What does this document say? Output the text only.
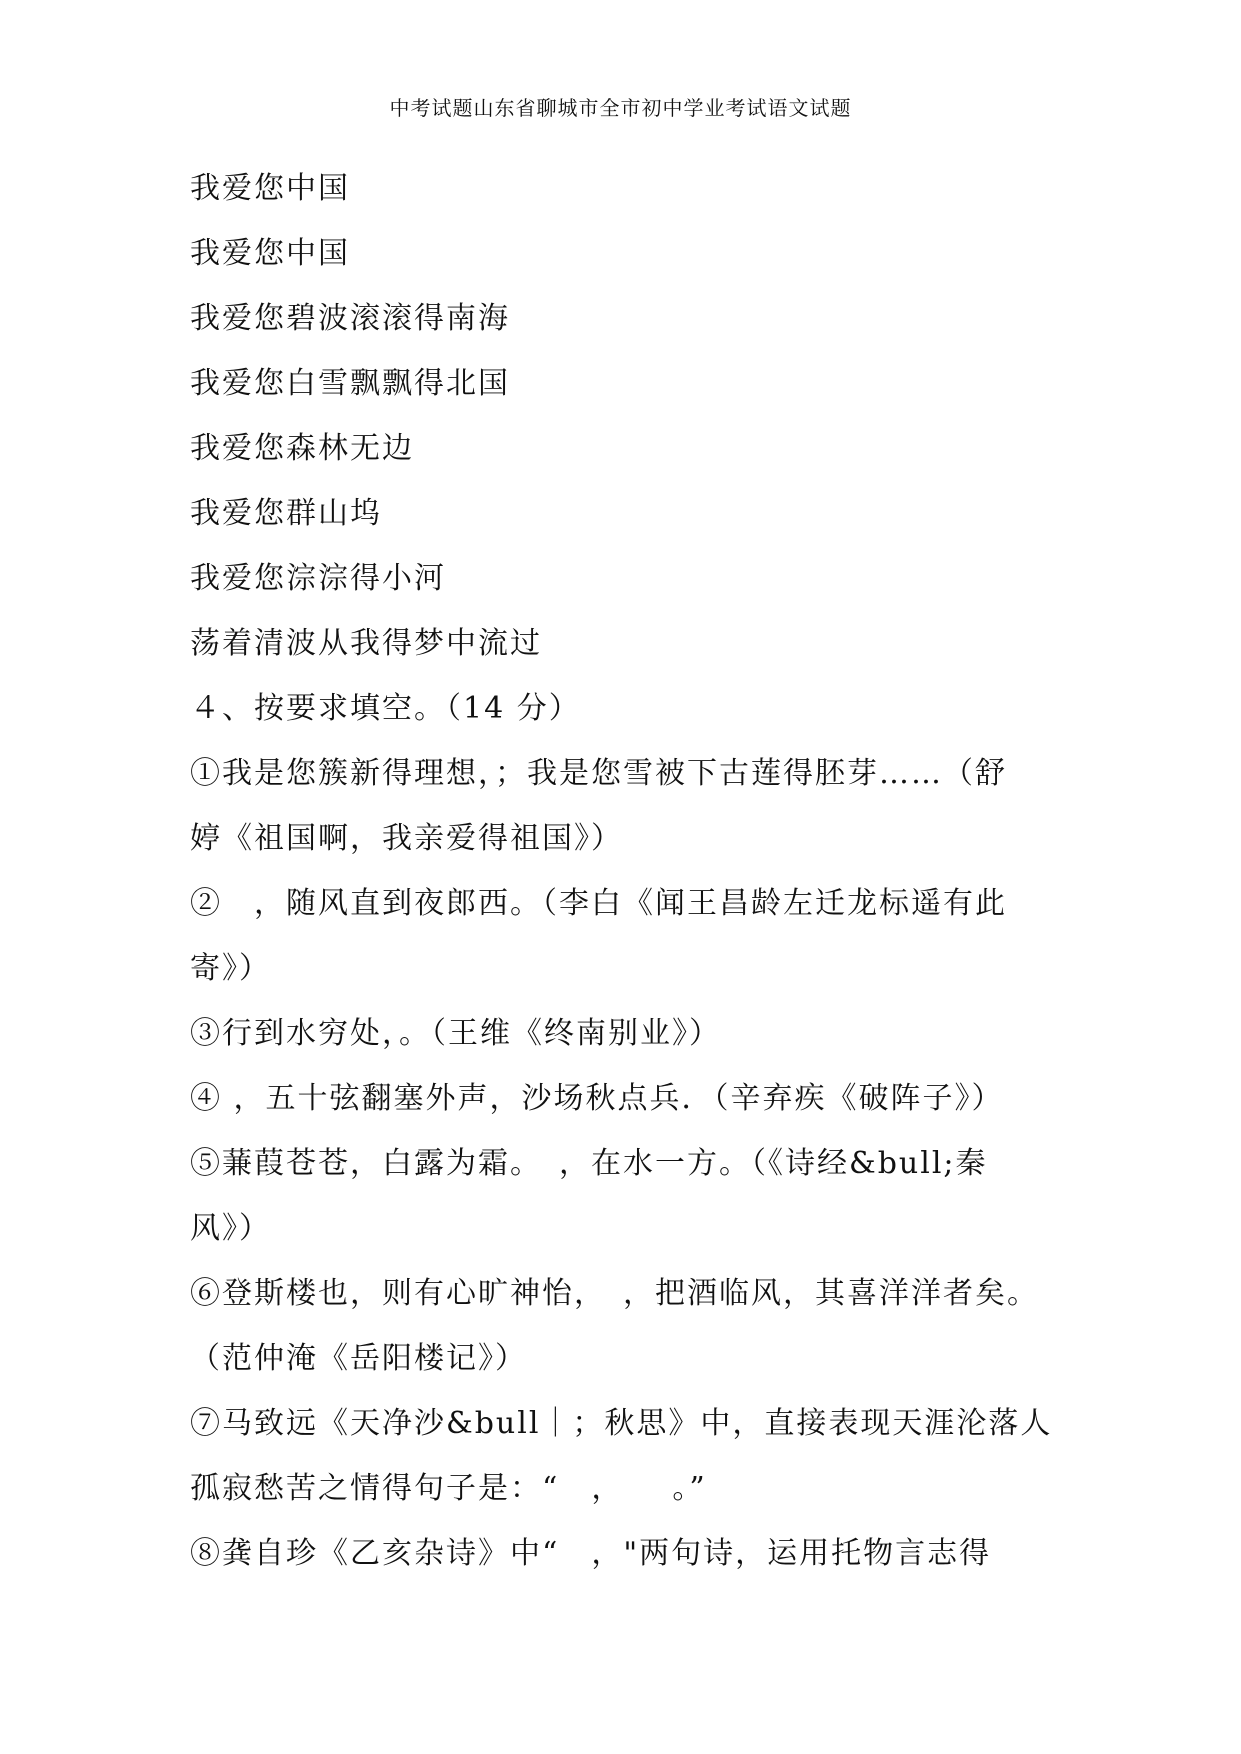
中考试题山东省聊城市全市初中学业考试语文试题
我爱您中国
我爱您中国
我爱您碧波滚滚得南海
我爱您白雪飘飘得北国
我爱您森林无边
我爱您群山坞
我爱您淙淙得小河
荡着清波从我得梦中流过
４、按要求填空。（14 分）
①我是您簇新得理想，；我是您雪被下古莲得胚芽……（舒
婷《祖国啊，我亲爱得祖国》）
②　，随风直到夜郎西。（李白《闻王昌龄左迁龙标遥有此
寄》）
③行到水穷处，。（王维《终南别业》）
④ ，五十弦翻塞外声，沙场秋点兵．（辛弃疾《破阵子》）
⑤蒹葭苍苍，白露为霜。　，在水一方。（《诗经&bull;秦
风》）
⑥登斯楼也，则有心旷神怡，　，把酒临风，其喜洋洋者矣。
（范仲淹《岳阳楼记》）
⑦马致远《天净沙&bull｜；秋思》中，直接表现天涯沦落人
孤寂愁苦之情得句子是：“　，　　。”
⑧龚自珍《乙亥杂诗》中“　，"两句诗，运用托物言志得
